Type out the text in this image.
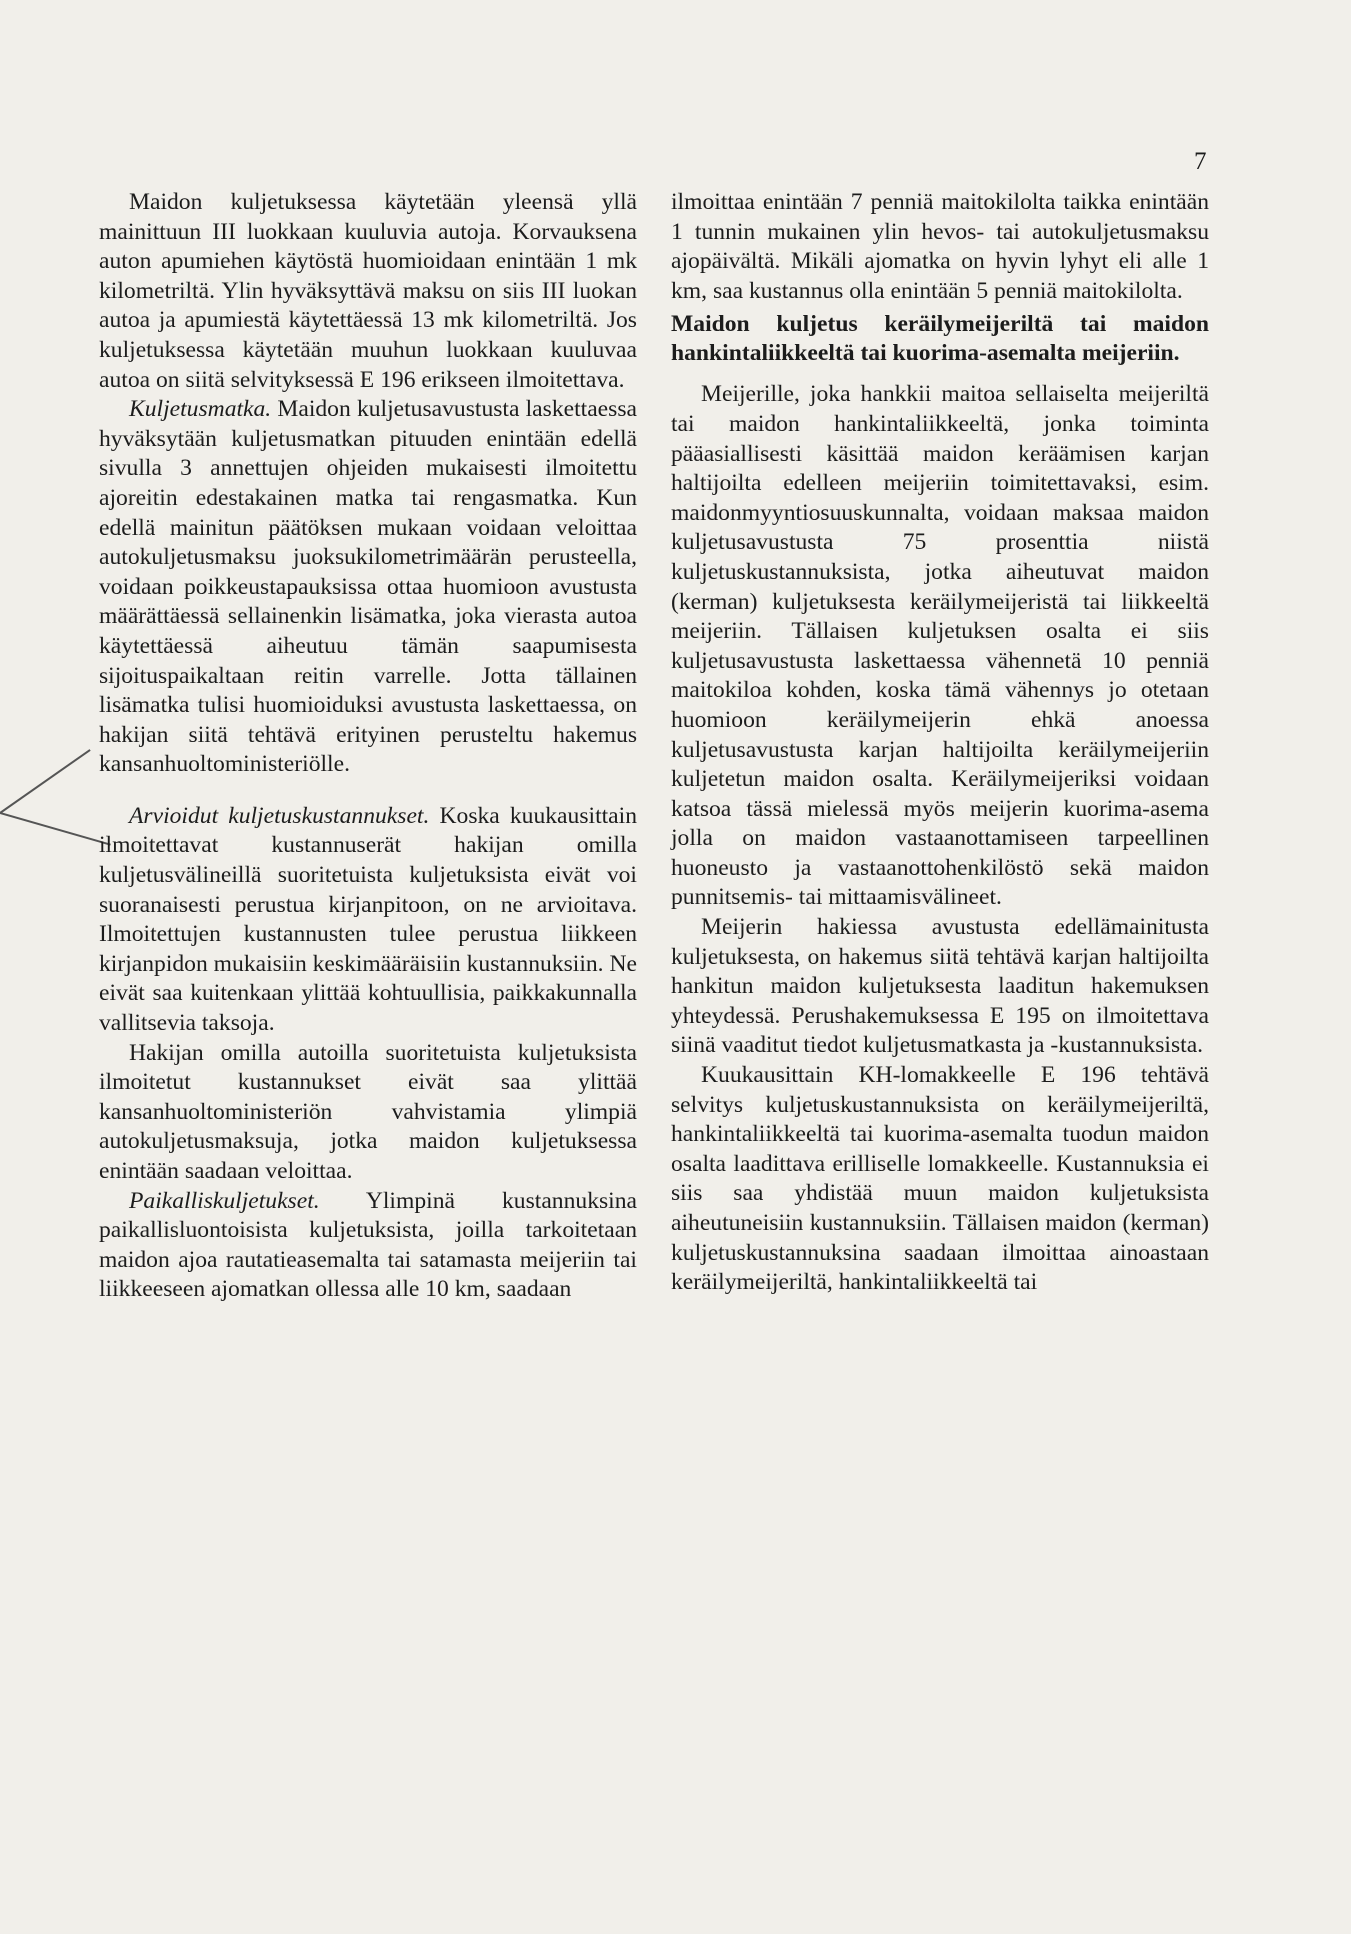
7

Maidon kuljetuksessa käytetään yleensä yllä mainittuun III luokkaan kuuluvia autoja. Korvauksena auton apumiehen käytöstä huomioidaan enintään 1 mk kilometriltä. Ylin hyväksyttävä maksu on siis III luokan autoa ja apumiestä käytettäessä 13 mk kilometriltä. Jos kuljetuksessa käytetään muuhun luokkaan kuuluvaa autoa on siitä selvityksessä E 196 erikseen ilmoitettava.

Kuljetusmatka. Maidon kuljetusavustusta laskettaessa hyväksytään kuljetusmatkan pituuden enintään edellä sivulla 3 annettujen ohjeiden mukaisesti ilmoitettu ajoreitin edestakainen matka tai rengasmatka. Kun edellä mainitun päätöksen mukaan voidaan veloittaa autokuljetusmaksu juoksukilometrimäärän perusteella, voidaan poikkeustapauksissa ottaa huomioon avustusta määrättäessä sellainenkin lisämatka, joka vierasta autoa käytettäessä aiheutuu tämän saapumisesta sijoituspaikaltaan reitin varrelle. Jotta tällainen lisämatka tulisi huomioiduksi avustusta laskettaessa, on hakijan siitä tehtävä erityinen perusteltu hakemus kansanhuoltoministeriölle.

Arvioidut kuljetuskustannukset. Koska kuukausittain ilmoitettavat kustannuserät hakijan omilla kuljetusvälineillä suoritetuista kuljetuksista eivät voi suoranaisesti perustua kirjanpitoon, on ne arvioitava. Ilmoitettujen kustannusten tulee perustua liikkeen kirjanpidon mukaisiin keskimääräisiin kustannuksiin. Ne eivät saa kuitenkaan ylittää kohtuullisia, paikkakunnalla vallitsevia taksoja.

Hakijan omilla autoilla suoritetuista kuljetuksista ilmoitetut kustannukset eivät saa ylittää kansanhuoltoministeriön vahvistamia ylimpiä autokuljetusmaksuja, jotka maidon kuljetuksessa enintään saadaan veloittaa.

Paikalliskuljetukset. Ylimpinä kustannuksina paikallisluontoisista kuljetuksista, joilla tarkoitetaan maidon ajoa rautatieasemalta tai satamasta meijeriin tai liikkeeseen ajomatkan ollessa alle 10 km, saadaan

ilmoittaa enintään 7 penniä maitokilolta taikka enintään 1 tunnin mukainen ylin hevos- tai autokuljetusmaksu ajopäivältä. Mikäli ajomatka on hyvin lyhyt eli alle 1 km, saa kustannus olla enintään 5 penniä maitokilolta.

Maidon kuljetus keräilymeijeriltä tai maidon hankintaliikkeeltä tai kuorima-asemalta meijeriin.

Meijerille, joka hankkii maitoa sellaiselta meijeriltä tai maidon hankintaliikkeeltä, jonka toiminta pääasiallisesti käsittää maidon keräämisen karjan haltijoilta edelleen meijeriin toimitettavaksi, esim. maidonmyyntiosuuskunnalta, voidaan maksaa maidon kuljetusavustusta 75 prosenttia niistä kuljetuskustannuksista, jotka aiheutuvat maidon (kerman) kuljetuksesta keräilymeijeristä tai liikkeeltä meijeriin. Tällaisen kuljetuksen osalta ei siis kuljetusavustusta laskettaessa vähennetä 10 penniä maitokiloa kohden, koska tämä vähennys jo otetaan huomioon keräilymeijerin ehkä anoessa kuljetusavustusta karjan haltijoilta keräilymeijeriin kuljetetun maidon osalta. Keräilymeijeriksi voidaan katsoa tässä mielessä myös meijerin kuorima-asema jolla on maidon vastaanottamiseen tarpeellinen huoneusto ja vastaanottohenkilöstö sekä maidon punnitsemis- tai mittaamisvälineet.

Meijerin hakiessa avustusta edellämainitusta kuljetuksesta, on hakemus siitä tehtävä karjan haltijoilta hankitun maidon kuljetuksesta laaditun hakemuksen yhteydessä. Perushakemuksessa E 195 on ilmoitettava siinä vaaditut tiedot kuljetusmatkasta ja -kustannuksista.

Kuukausittain KH-lomakkeelle E 196 tehtävä selvitys kuljetuskustannuksista on keräilymeijeriltä, hankintaliikkeeltä tai kuorima-asemalta tuodun maidon osalta laadittava erilliselle lomakkeelle. Kustannuksia ei siis saa yhdistää muun maidon kuljetuksista aiheutuneisiin kustannuksiin. Tällaisen maidon (kerman) kuljetuskustannuksina saadaan ilmoittaa ainoastaan keräilymeijeriltä, hankintaliikkeeltä tai
